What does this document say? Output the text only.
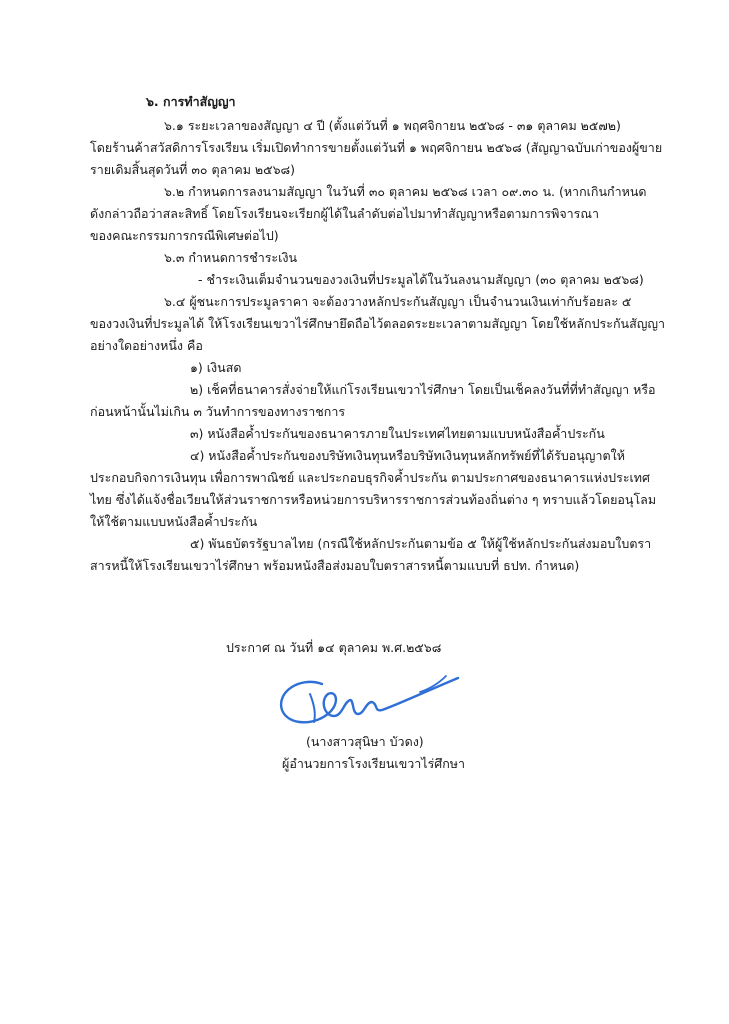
๖. การทำสัญญา
๖.๑ ระยะเวลาของสัญญา ๔ ปี (ตั้งแต่วันที่ ๑ พฤศจิกายน ๒๕๖๘ - ๓๑ ตุลาคม ๒๕๗๒)
โดยร้านค้าสวัสดิการโรงเรียน เริ่มเปิดทำการขายตั้งแต่วันที่ ๑ พฤศจิกายน ๒๕๖๘ (สัญญาฉบับเก่าของผู้ขาย
รายเดิมสิ้นสุดวันที่ ๓๐ ตุลาคม ๒๕๖๘)
๖.๒ กำหนดการลงนามสัญญา ในวันที่ ๓๐ ตุลาคม ๒๕๖๘ เวลา ๐๙.๓๐ น. (หากเกินกำหนด
ดังกล่าวถือว่าสละสิทธิ์ โดยโรงเรียนจะเรียกผู้ได้ในลำดับต่อไปมาทำสัญญาหรือตามการพิจารณา
ของคณะกรรมการกรณีพิเศษต่อไป)
๖.๓ กำหนดการชำระเงิน
- ชำระเงินเต็มจำนวนของวงเงินที่ประมูลได้ในวันลงนามสัญญา (๓๐ ตุลาคม ๒๕๖๘)
๖.๔ ผู้ชนะการประมูลราคา จะต้องวางหลักประกันสัญญา เป็นจำนวนเงินเท่ากับร้อยละ ๕
ของวงเงินที่ประมูลได้ ให้โรงเรียนเขวาไร่ศึกษายึดถือไว้ตลอดระยะเวลาตามสัญญา โดยใช้หลักประกันสัญญา
อย่างใดอย่างหนึ่ง คือ
๑) เงินสด
๒) เช็คที่ธนาคารสั่งจ่ายให้แก่โรงเรียนเขวาไร่ศึกษา โดยเป็นเช็คลงวันที่ที่ทำสัญญา หรือ
ก่อนหน้านั้นไม่เกิน ๓ วันทำการของทางราชการ
๓) หนังสือค้ำประกันของธนาคารภายในประเทศไทยตามแบบหนังสือค้ำประกัน
๔) หนังสือค้ำประกันของบริษัทเงินทุนหรือบริษัทเงินทุนหลักทรัพย์ที่ได้รับอนุญาตให้
ประกอบกิจการเงินทุน เพื่อการพาณิชย์ และประกอบธุรกิจค้ำประกัน ตามประกาศของธนาคารแห่งประเทศ
ไทย ซึ่งได้แจ้งชื่อเวียนให้ส่วนราชการหรือหน่วยการบริหารราชการส่วนท้องถิ่นต่าง ๆ ทราบแล้วโดยอนุโลม
ให้ใช้ตามแบบหนังสือค้ำประกัน
๕) พันธบัตรรัฐบาลไทย (กรณีใช้หลักประกันตามข้อ ๕ ให้ผู้ใช้หลักประกันส่งมอบใบตรา
สารหนี้ให้โรงเรียนเขวาไร่ศึกษา พร้อมหนังสือส่งมอบใบตราสารหนี้ตามแบบที่ ธปท. กำหนด)
ประกาศ ณ วันที่ ๑๔ ตุลาคม พ.ศ.๒๕๖๘
(นางสาวสุนิษา บัวดง)
ผู้อำนวยการโรงเรียนเขวาไร่ศึกษา
